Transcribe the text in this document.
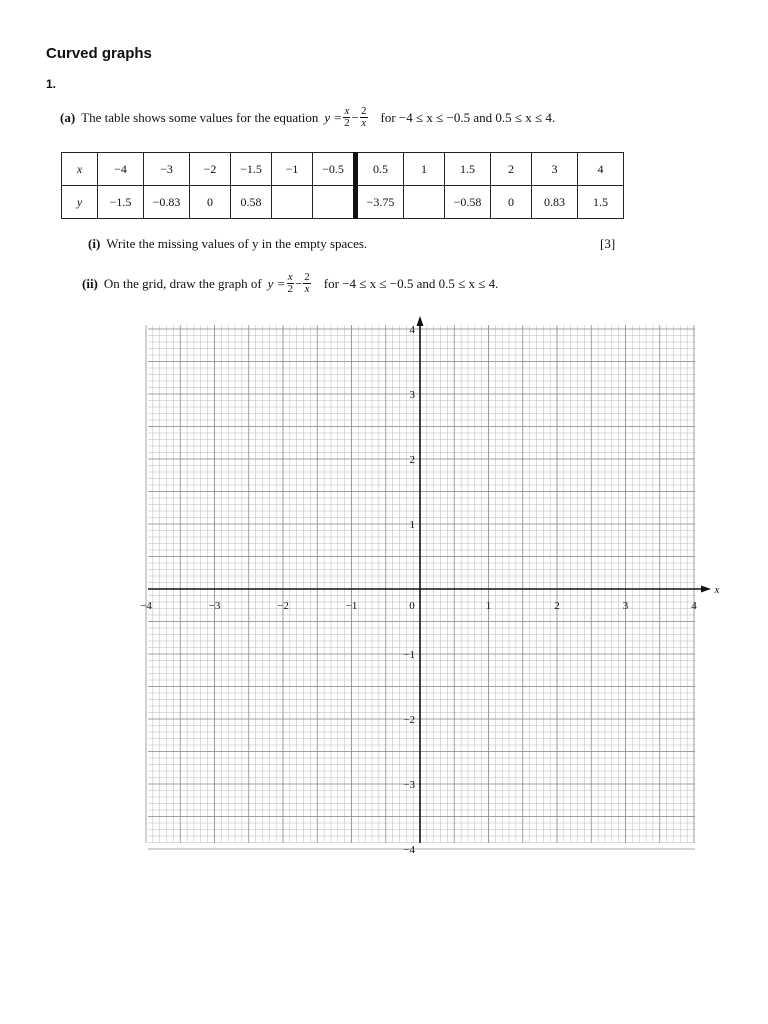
Curved graphs
1.
(a) The table shows some values for the equation $y = \frac{x}{2} - \frac{2}{x}$ for −4 ≤ x ≤ −0.5 and 0.5 ≤ x ≤ 4.
x	−4	−3	−2	−1.5	−1	−0.5	0.5	1	1.5	2	3	4
y	−1.5	−0.83	0	0.58			−3.75		−0.58	0	0.83	1.5
(i) Write the missing values of y in the empty spaces.	[3]
(ii) On the grid, draw the graph of $y = \frac{x}{2} - \frac{2}{x}$ for −4 ≤ x ≤ −0.5 and 0.5 ≤ x ≤ 4.
−4	−3	−2	−1	0	1	2	3	4
4
3
2
1
−1
−2
−3
−4
x
